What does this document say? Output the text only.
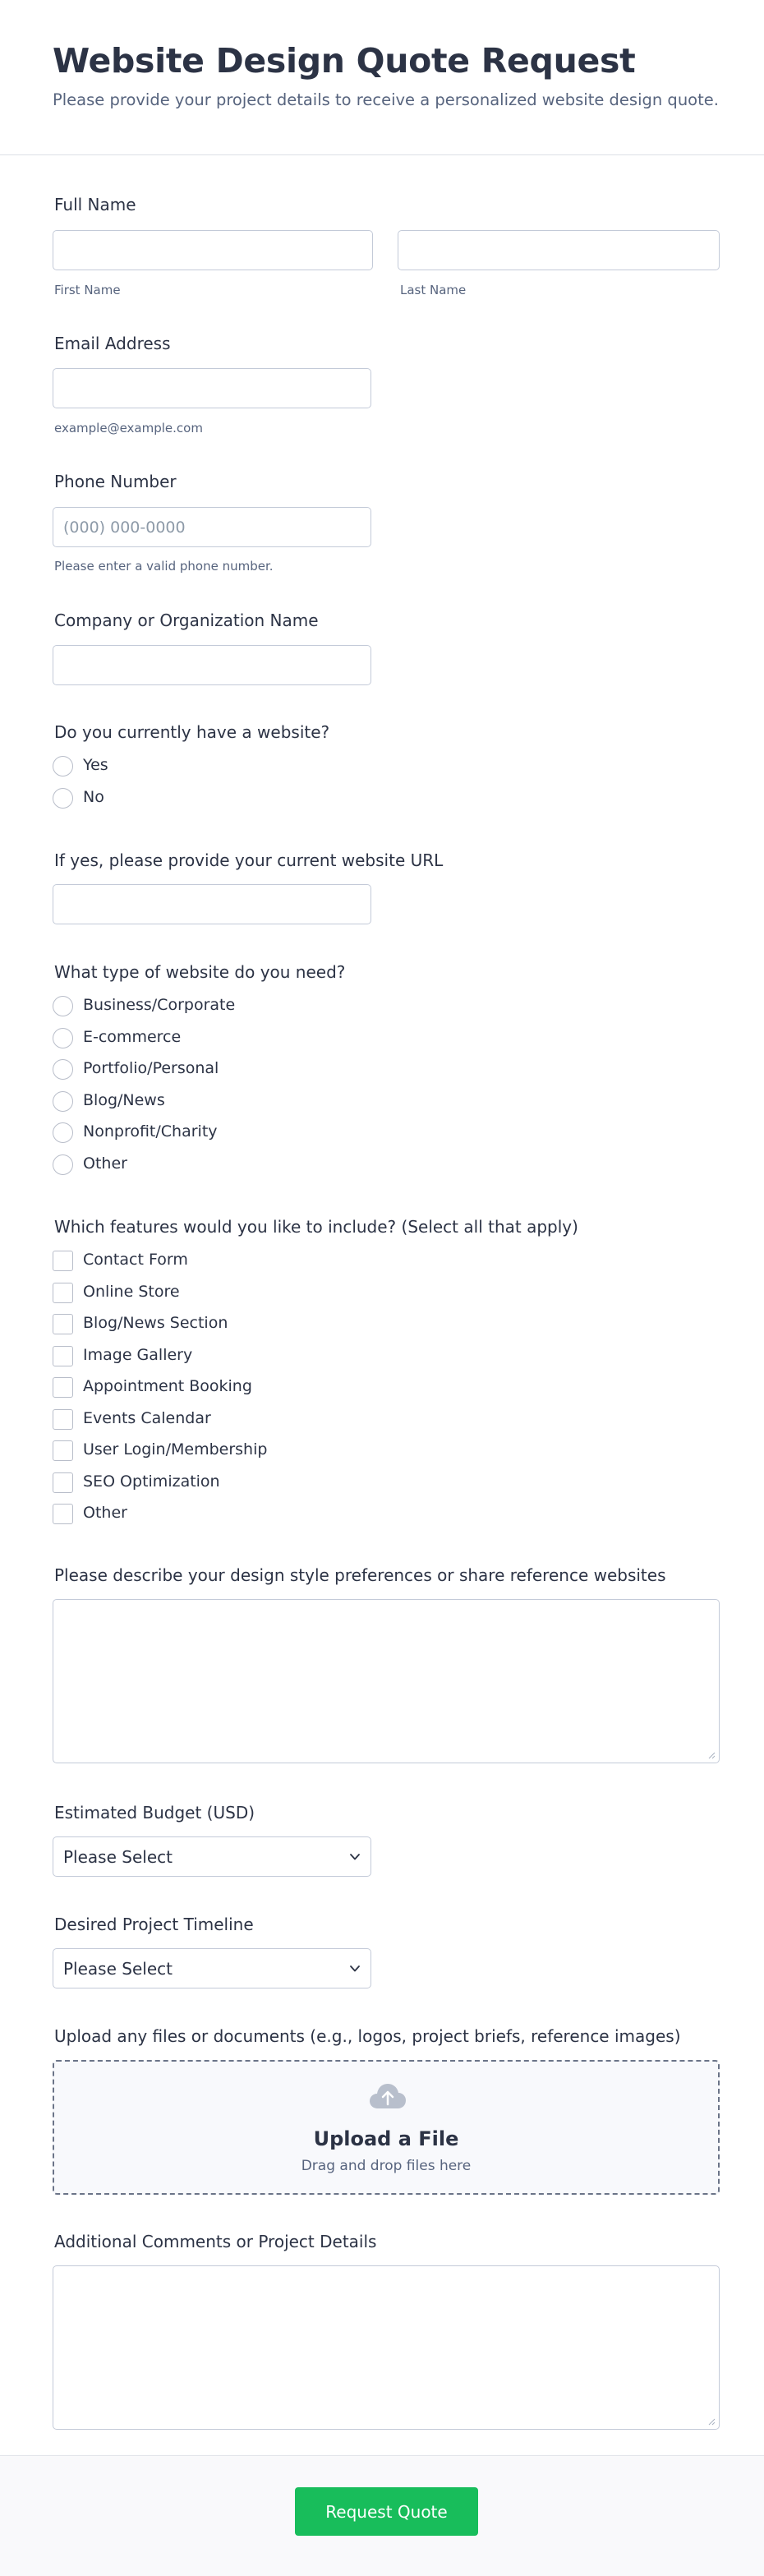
Website Design Quote Request
Please provide your project details to receive a personalized website design quote.
Full Name
First Name	Last Name
Email Address
example@example.com
Phone Number
(000) 000-0000
Please enter a valid phone number.
Company or Organization Name
Do you currently have a website?
Yes
No
If yes, please provide your current website URL
What type of website do you need?
Business/Corporate
E-commerce
Portfolio/Personal
Blog/News
Nonprofit/Charity
Other
Which features would you like to include? (Select all that apply)
Contact Form
Online Store
Blog/News Section
Image Gallery
Appointment Booking
Events Calendar
User Login/Membership
SEO Optimization
Other
Please describe your design style preferences or share reference websites
Estimated Budget (USD)
Please Select
Desired Project Timeline
Please Select
Upload any files or documents (e.g., logos, project briefs, reference images)
Upload a File
Drag and drop files here
Additional Comments or Project Details
Request Quote
